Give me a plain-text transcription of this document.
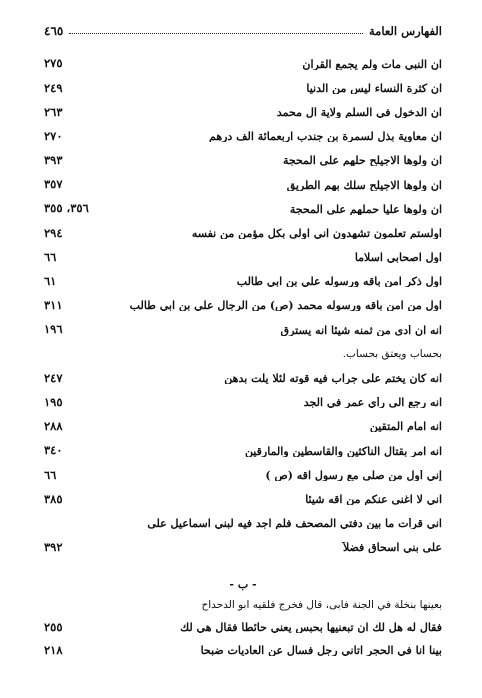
الفهارس العامة
٤٦٥
ان النبي مات ولم يجمع القرآن
٢٧٥
ان كثرة النساء ليس من الدنيا
٢٤٩
ان الدخول في السلم ولاية آل محمد
٢٦٣
ان معاوية بذل لسمرة بن جندب اربعمائة الف درهم
٢٧٠
ان ولوها الاجيلح حلهم على المحجة
٣٩٣
ان ولوها الاجيلح سلك بهم الطريق
٣٥٧
ان ولوها علياً حملهم على المحجة
٣٥٦، ٣٥٥
اولستم تعلمون تشهدون اني اولى بكل مؤمن من نفسه
٢٩٤
اول اصحابي اسلاماً
٦٦
اول ذكر امن باقه ورسوله علي بن ابي طالب
٦١
اول من امن باقه ورسوله محمد (ص) من الرجال علي بن ابي طالب
٣١١
انه ان أدى من ثمنه شيئاً انه يسترق
١٩٦
بحساب ويعتق بحساب.
انه كان يختم على جراب فيه قوته لئلا يلت بدهن
٢٤٧
انه رجع الى رأي عمر في الجد
١٩٥
انه امام المتقين
٢٨٨
انه امر بقتال الناكثين والقاسطين والمارقين
٣٤٠
إني أول من صلى مع رسول اقه (ص )
٦٦
اني لا اغنى عنكم من اقه شيئاً
٣٨٥
اني قرأت ما بين دفتي المصحف فلم اجد فيه لبني اسماعيل على
على بني اسحاق فضلاً
٣٩٢
- ب -
بعينها بنخلة في الجنة فابى، قال فخرج فلقيه ابو الدحداح
فقال له هل لك ان تبعنيها بحبس يعني حائطاً فقال هي لك
٢٥٥
بينا انا في الحجر اتاني رجل فسأل عن العاديات ضبحا
٢١٨
